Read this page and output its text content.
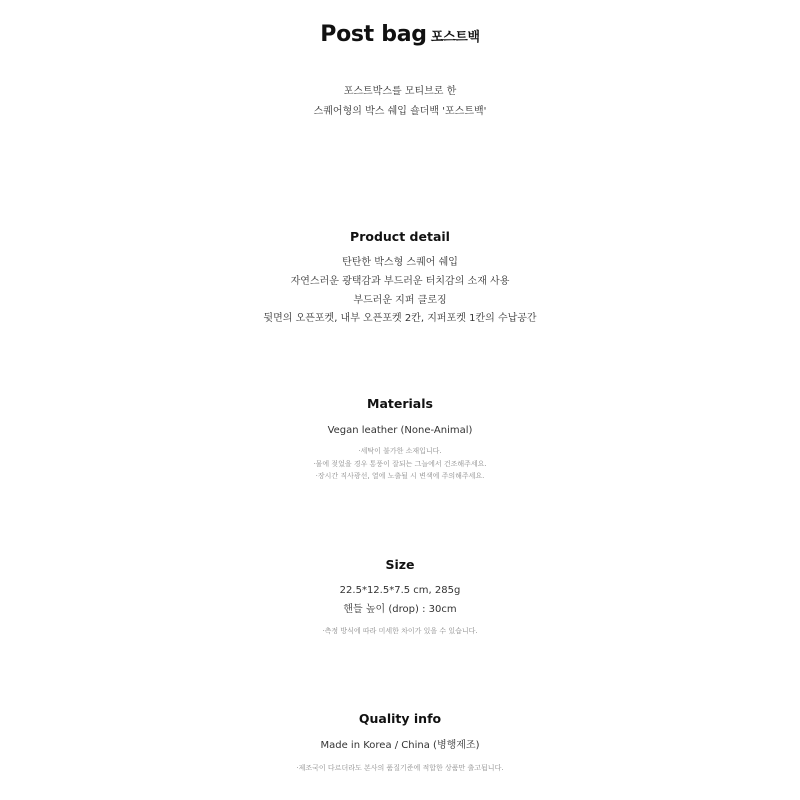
Post bag 포스트백
포스트박스를 모티브로 한
스퀘어형의 박스 쉐입 숄더백 '포스트백'
Product detail
탄탄한 박스형 스퀘어 쉐입
자연스러운 광택감과 부드러운 터치감의 소재 사용
부드러운 지퍼 클로징
뒷면의 오픈포켓, 내부 오픈포켓 2칸, 지퍼포켓 1칸의 수납공간
Materials
Vegan leather (None-Animal)
·세탁이 불가한 소재입니다.
·물에 젖었을 경우 통풍이 잘되는 그늘에서 건조해주세요.
·장시간 직사광선, 열에 노출될 시 변색에 주의해주세요.
Size
22.5*12.5*7.5 cm, 285g
핸들 높이 (drop) : 30cm
·측정 방식에 따라 미세한 차이가 있을 수 있습니다.
Quality info
Made in Korea / China (병행제조)
·제조국이 다르더라도 본사의 품질기준에 적합한 상품만 출고됩니다.
